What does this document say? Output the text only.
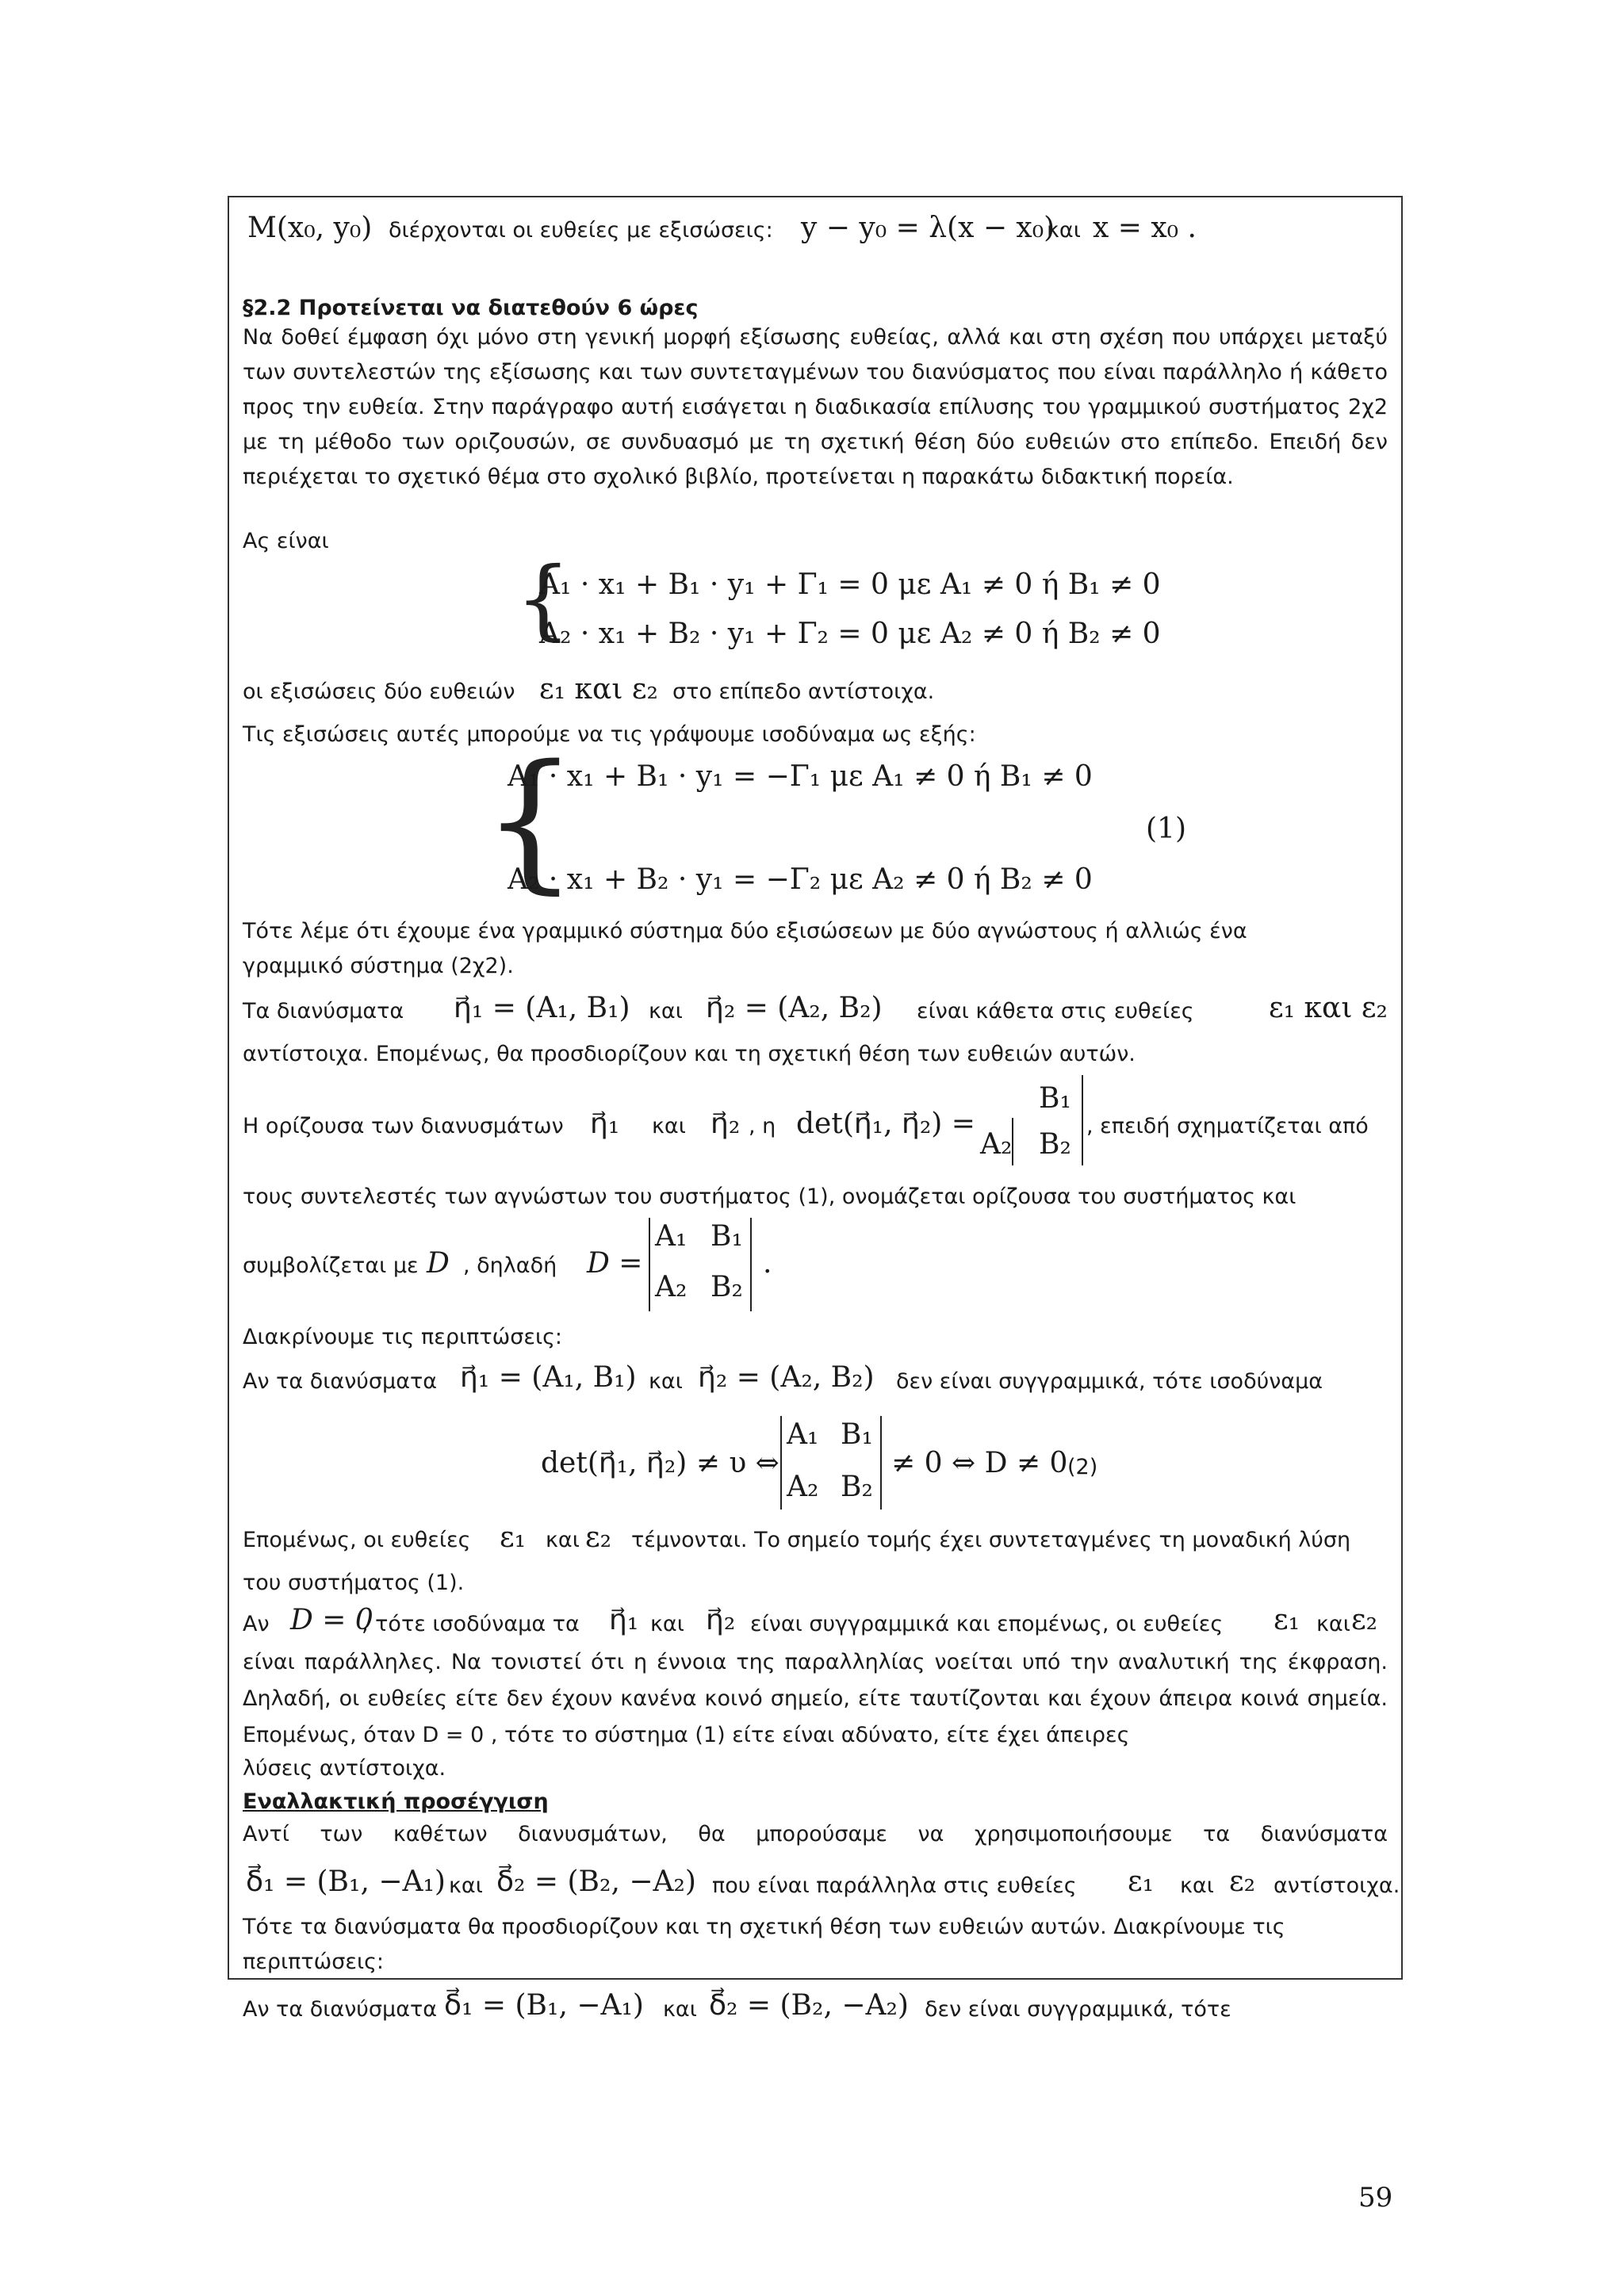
M(x₀, y₀) διέρχονται οι ευθείες με εξισώσεις: y − y₀ = λ(x − x₀)
και x = x₀ .
§2.2 Προτείνεται να διατεθούν 6 ώρες

Να δοθεί έμφαση όχι μόνο στη γενική μορφή εξίσωσης ευθείας, αλλά και στη σχέση που υπάρχει μεταξύ των συντελεστών της εξίσωσης και των συντεταγμένων του διανύσματος που είναι παράλληλο ή κάθετο προς την ευθεία. Στην παράγραφο αυτή εισάγεται η διαδικασία επίλυσης του γραμμικού συστήματος 2χ2 με τη μέθοδο των οριζουσών, σε συνδυασμό με τη σχετική θέση δύο ευθειών στο επίπεδο. Επειδή δεν περιέχεται το σχετικό θέμα στο σχολικό βιβλίο, προτείνεται η παρακάτω διδακτική πορεία.

Ας είναι
{
A₁ · x₁ + B₁ · y₁ + Γ₁ = 0 με A₁ ≠ 0 ή B₁ ≠ 0
A₂ · x₁ + B₂ · y₁ + Γ₂ = 0 με A₂ ≠ 0 ή B₂ ≠ 0
οι εξισώσεις δύο ευθειών ε₁ και ε₂ στο επίπεδο αντίστοιχα.
Τις εξισώσεις αυτές μπορούμε να τις γράψουμε ισοδύναμα ως εξής:
{
A₁ · x₁ + B₁ · y₁ = −Γ₁ με A₁ ≠ 0 ή B₁ ≠ 0
A₂ · x₁ + B₂ · y₁ = −Γ₂ με A₂ ≠ 0 ή B₂ ≠ 0
(1)
Τότε λέμε ότι έχουμε ένα γραμμικό σύστημα δύο εξισώσεων με δύο αγνώστους ή αλλιώς ένα
γραμμικό σύστημα (2χ2).
Τα διανύσματα η⃗₁ = (A₁, B₁) και η⃗₂ = (A₂, B₂) είναι κάθετα στις ευθείες	ε₁ και ε₂
αντίστοιχα. Επομένως, θα προσδιορίζουν και τη σχετική θέση των ευθειών αυτών.
B₁
Η ορίζουσα των διανυσμάτων η⃗₁ και η⃗₂ , η det(η⃗₁, η⃗₂) =
A₂ B₂
, επειδή σχηματίζεται από
τους συντελεστές των αγνώστων του συστήματος (1), ονομάζεται ορίζουσα του συστήματος και
συμβολίζεται με D , δηλαδή D =
A₁ B₁
A₂ B₂
.
Διακρίνουμε τις περιπτώσεις:
Αν τα διανύσματα η⃗₁ = (A₁, B₁) και η⃗₂ = (A₂, B₂) δεν είναι συγγραμμικά, τότε ισοδύναμα
det(η⃗₁, η⃗₂) ≠ υ ⇔
A₁ B₁
A₂ B₂
≠ 0 ⇔ D ≠ 0 (2)
Επομένως, οι ευθείες ε₁ και ε₂ τέμνονται. Το σημείο τομής έχει συντεταγμένες τη μοναδική λύση
του συστήματος (1).
Αν D = 0
, τότε ισοδύναμα τα η⃗₁ και η⃗₂ είναι συγγραμμικά και επομένως, οι ευθείες ε₁ και ε₂

είναι παράλληλες. Να τονιστεί ότι η έννοια της παραλληλίας νοείται υπό την αναλυτική της έκφραση. Δηλαδή, οι ευθείες είτε δεν έχουν κανένα κοινό σημείο, είτε ταυτίζονται και έχουν άπειρα κοινά σημεία. Επομένως, όταν D = 0 , τότε το σύστημα (1) είτε είναι αδύνατο, είτε έχει άπειρες

λύσεις αντίστοιχα.
Εναλλακτική προσέγγιση

Αντί των καθέτων διανυσμάτων, θα μπορούσαμε να χρησιμοποιήσουμε τα διανύσματα

δ⃗₁ = (B₁, −A₁) και δ⃗₂ = (B₂, −A₂) που είναι παράλληλα στις ευθείες ε₁ και ε₂ αντίστοιχα.
Τότε τα διανύσματα θα προσδιορίζουν και τη σχετική θέση των ευθειών αυτών. Διακρίνουμε τις
περιπτώσεις:
Αν τα διανύσματα δ⃗₁ = (B₁, −A₁) και δ⃗₂ = (B₂, −A₂) δεν είναι συγγραμμικά, τότε
59
